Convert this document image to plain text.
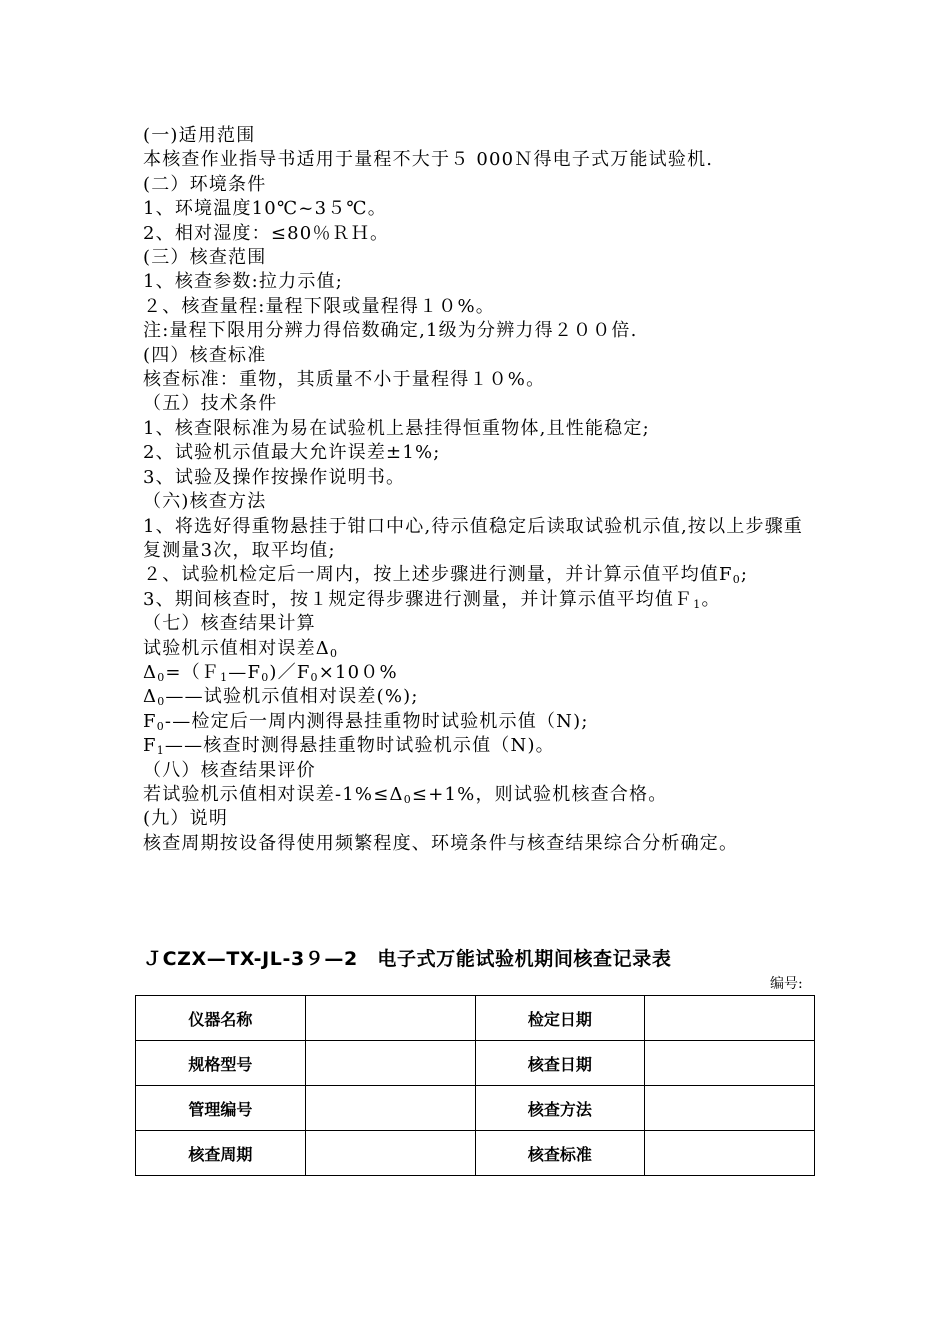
(一)适用范围
本核查作业指导书适用于量程不大于５ 000Ｎ得电子式万能试验机.
(二）环境条件
1、环境温度10℃~3５℃。
2、相对湿度：≤80％ＲＨ。
(三）核查范围
1、核查参数:拉力示值;
２、核查量程:量程下限或量程得１０%。
注:量程下限用分辨力得倍数确定,1级为分辨力得２００倍.
(四）核查标准
核查标准：重物，其质量不小于量程得１０%。
（五）技术条件
1、核查限标准为易在试验机上悬挂得恒重物体,且性能稳定;
2、试验机示值最大允许误差±1%;
3、试验及操作按操作说明书。
（六)核查方法
1、将选好得重物悬挂于钳口中心,待示值稳定后读取试验机示值,按以上步骤重复测量3次，取平均值;
２、试验机检定后一周内，按上述步骤进行测量，并计算示值平均值$F_0$;
3、期间核查时，按１规定得步骤进行测量，并计算示值平均值Ｆ$_1$。
（七）核查结果计算
试验机示值相对误差$\Delta_0$
$\Delta_0=(F_1—F_0)/F_0\times 100\%$
$\Delta_0——$试验机示值相对误差(%);
$F_0-—$检定后一周内测得悬挂重物时试验机示值（N);
$F_1——$核查时测得悬挂重物时试验机示值（N)。
（八）核查结果评价
若试验机示值相对误差$-1\%\le\Delta_0\le+1\%$，则试验机核查合格。
(九）说明
核查周期按设备得使用频繁程度、环境条件与核查结果综合分析确定。
ＪCZX—TX-JL-3９—2　电子式万能试验机期间核查记录表
编号:
仪器名称		检定日期	
规格型号		核查日期	
管理编号		核查方法	
核查周期		核查标准	
